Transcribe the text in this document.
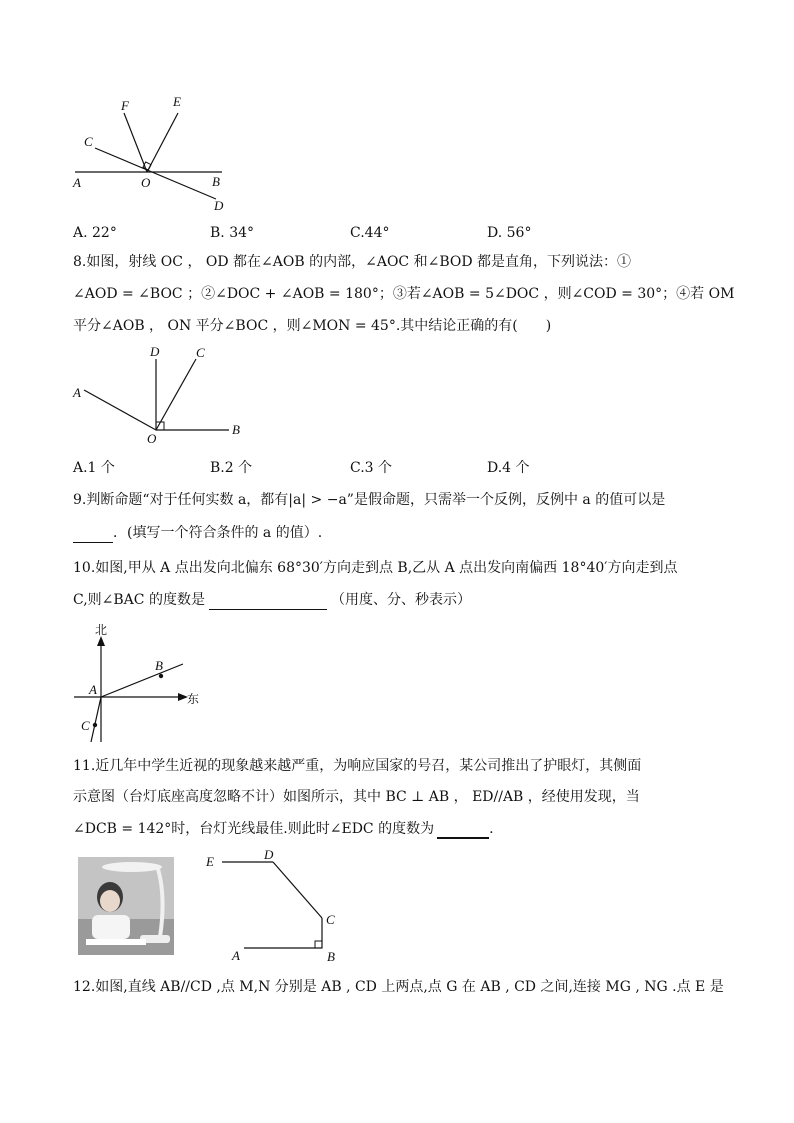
F	E
C
A	O	B
D
A. 22°	B. 34°	C.44°	D. 56°
8.如图，射线 OC ， OD 都在∠AOB 的内部，∠AOC 和∠BOD 都是直角，下列说法：①
∠AOD = ∠BOC ；②∠DOC + ∠AOB = 180°；③若∠AOB = 5∠DOC ，则∠COD = 30°；④若 OM
平分∠AOB ， ON 平分∠BOC ，则∠MON = 45°.其中结论正确的有(　　)
D	C
A
O
B
A.1 个	B.2 个	C.3 个	D.4 个
9.判断命题“对于任何实数 a，都有|a| > −a”是假命题，只需举一个反例，反例中 a 的值可以是
．(填写一个符合条件的 a 的值）.
10.如图,甲从 A 点出发向北偏东 68°30′方向走到点 B,乙从 A 点出发向南偏西 18°40′方向走到点
C,则∠BAC 的度数是	（用度、分、秒表示）
北
东
A
B
C
11.近几年中学生近视的现象越来越严重，为响应国家的号召，某公司推出了护眼灯，其侧面
示意图（台灯底座高度忽略不计）如图所示，其中 BC ⊥ AB ， ED//AB ，经使用发现，当
∠DCB = 142°时，台灯光线最佳.则此时∠EDC 的度数为	.
E	D
C
A	B
12.如图,直线 AB//CD ,点 M,N 分别是 AB , CD 上两点,点 G 在 AB , CD 之间,连接 MG , NG .点 E 是
